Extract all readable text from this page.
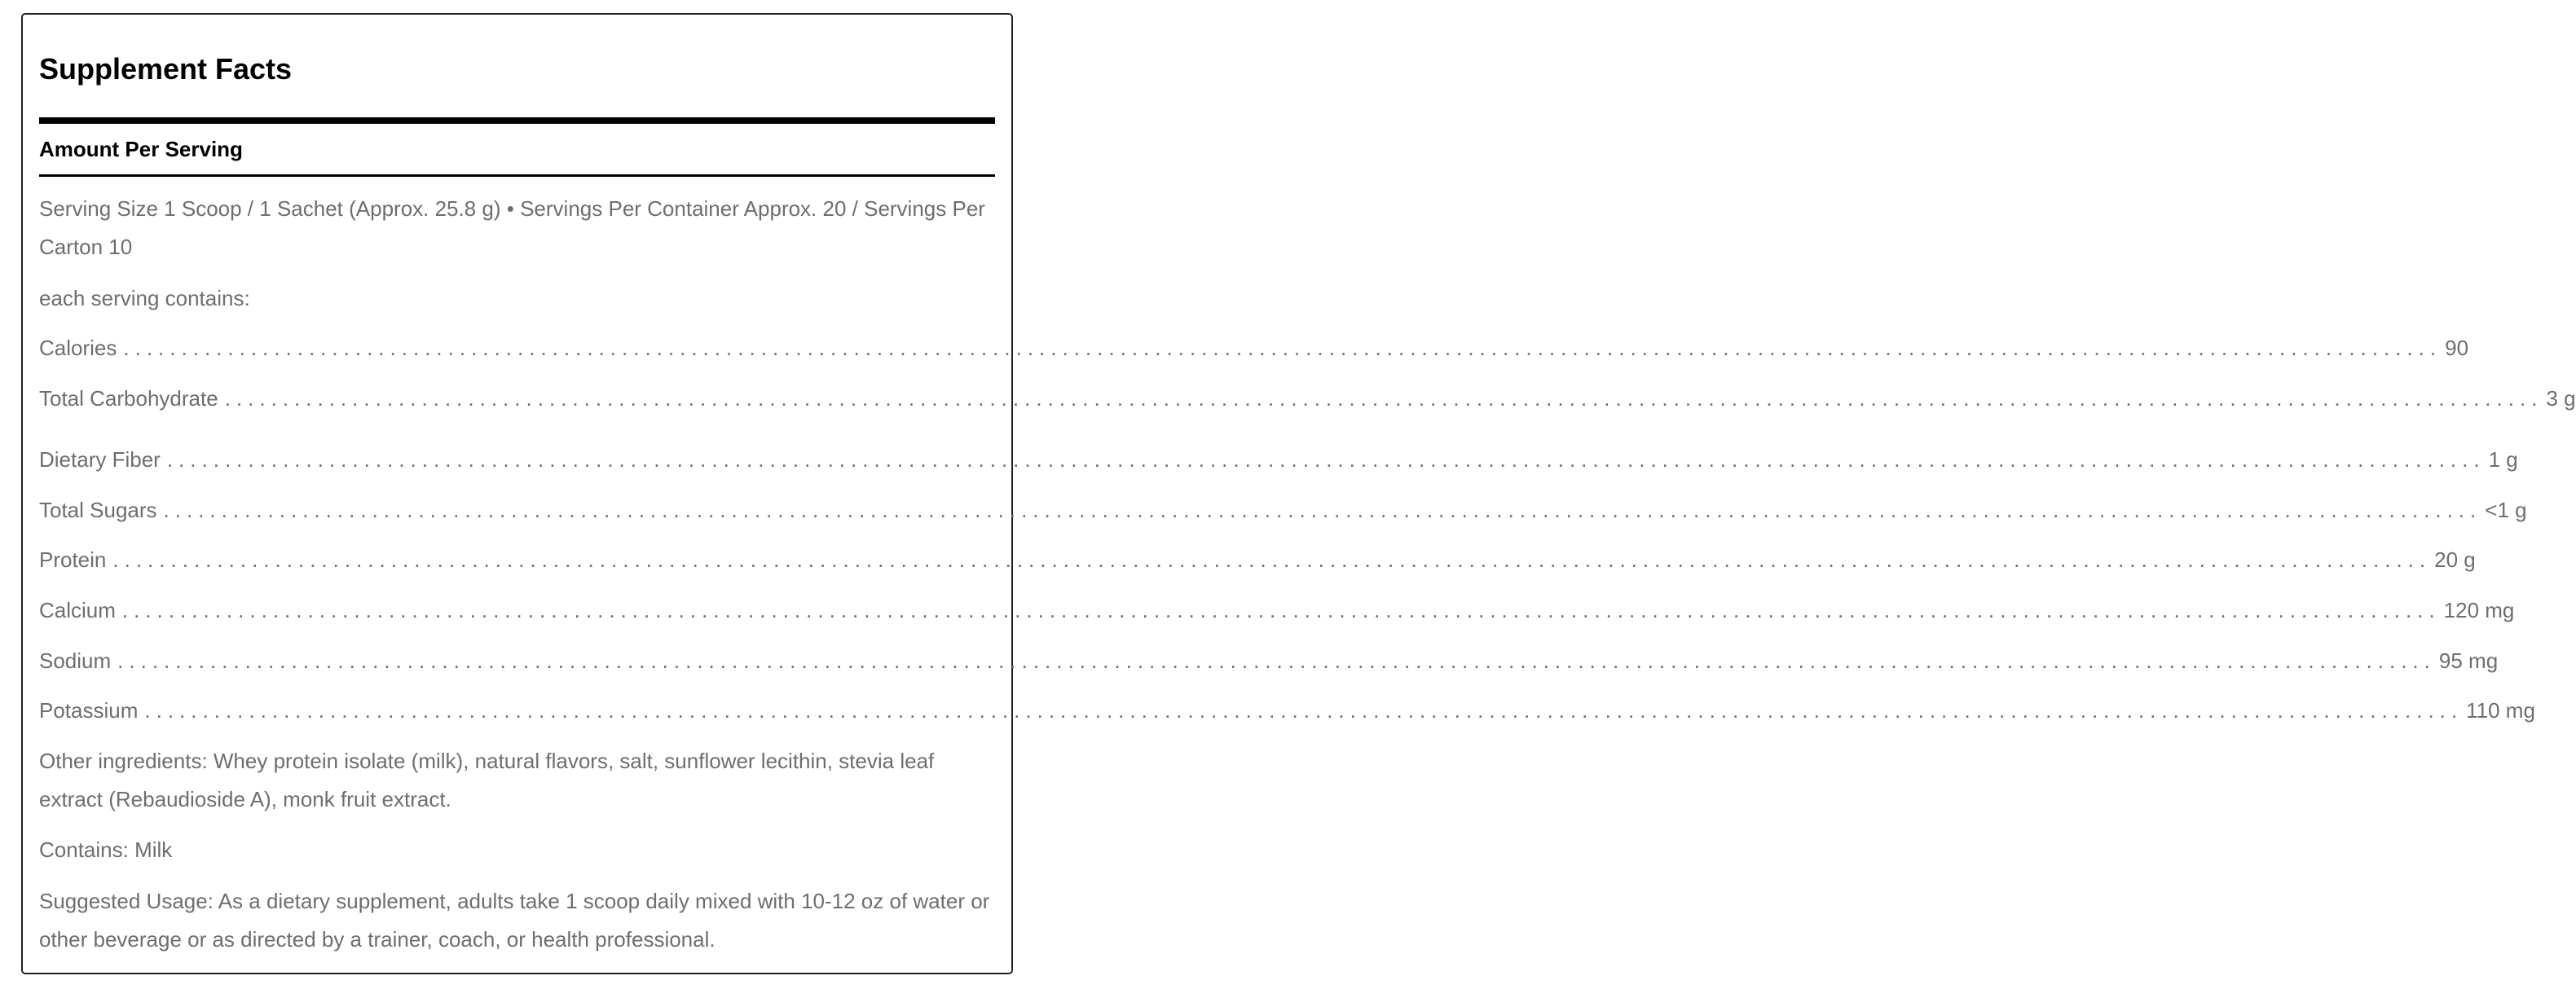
Supplement Facts
Amount Per Serving
Serving Size 1 Scoop / 1 Sachet (Approx. 25.8 g) • Servings Per Container Approx. 20 / Servings Per Carton 10
each serving contains:
Calories ........................................................................................................................................................................................................ 90
Total Carbohydrate ........................................................................................................................................................................................................ 3 g
Dietary Fiber ........................................................................................................................................................................................................ 1 g
Total Sugars ........................................................................................................................................................................................................ <1 g
Protein ........................................................................................................................................................................................................ 20 g
Calcium ........................................................................................................................................................................................................ 120 mg
Sodium ........................................................................................................................................................................................................ 95 mg
Potassium ........................................................................................................................................................................................................ 110 mg
Other ingredients: Whey protein isolate (milk), natural flavors, salt, sunflower lecithin, stevia leaf extract (Rebaudioside A), monk fruit extract.
Contains: Milk
Suggested Usage: As a dietary supplement, adults take 1 scoop daily mixed with 10-12 oz of water or other beverage or as directed by a trainer, coach, or health professional.
